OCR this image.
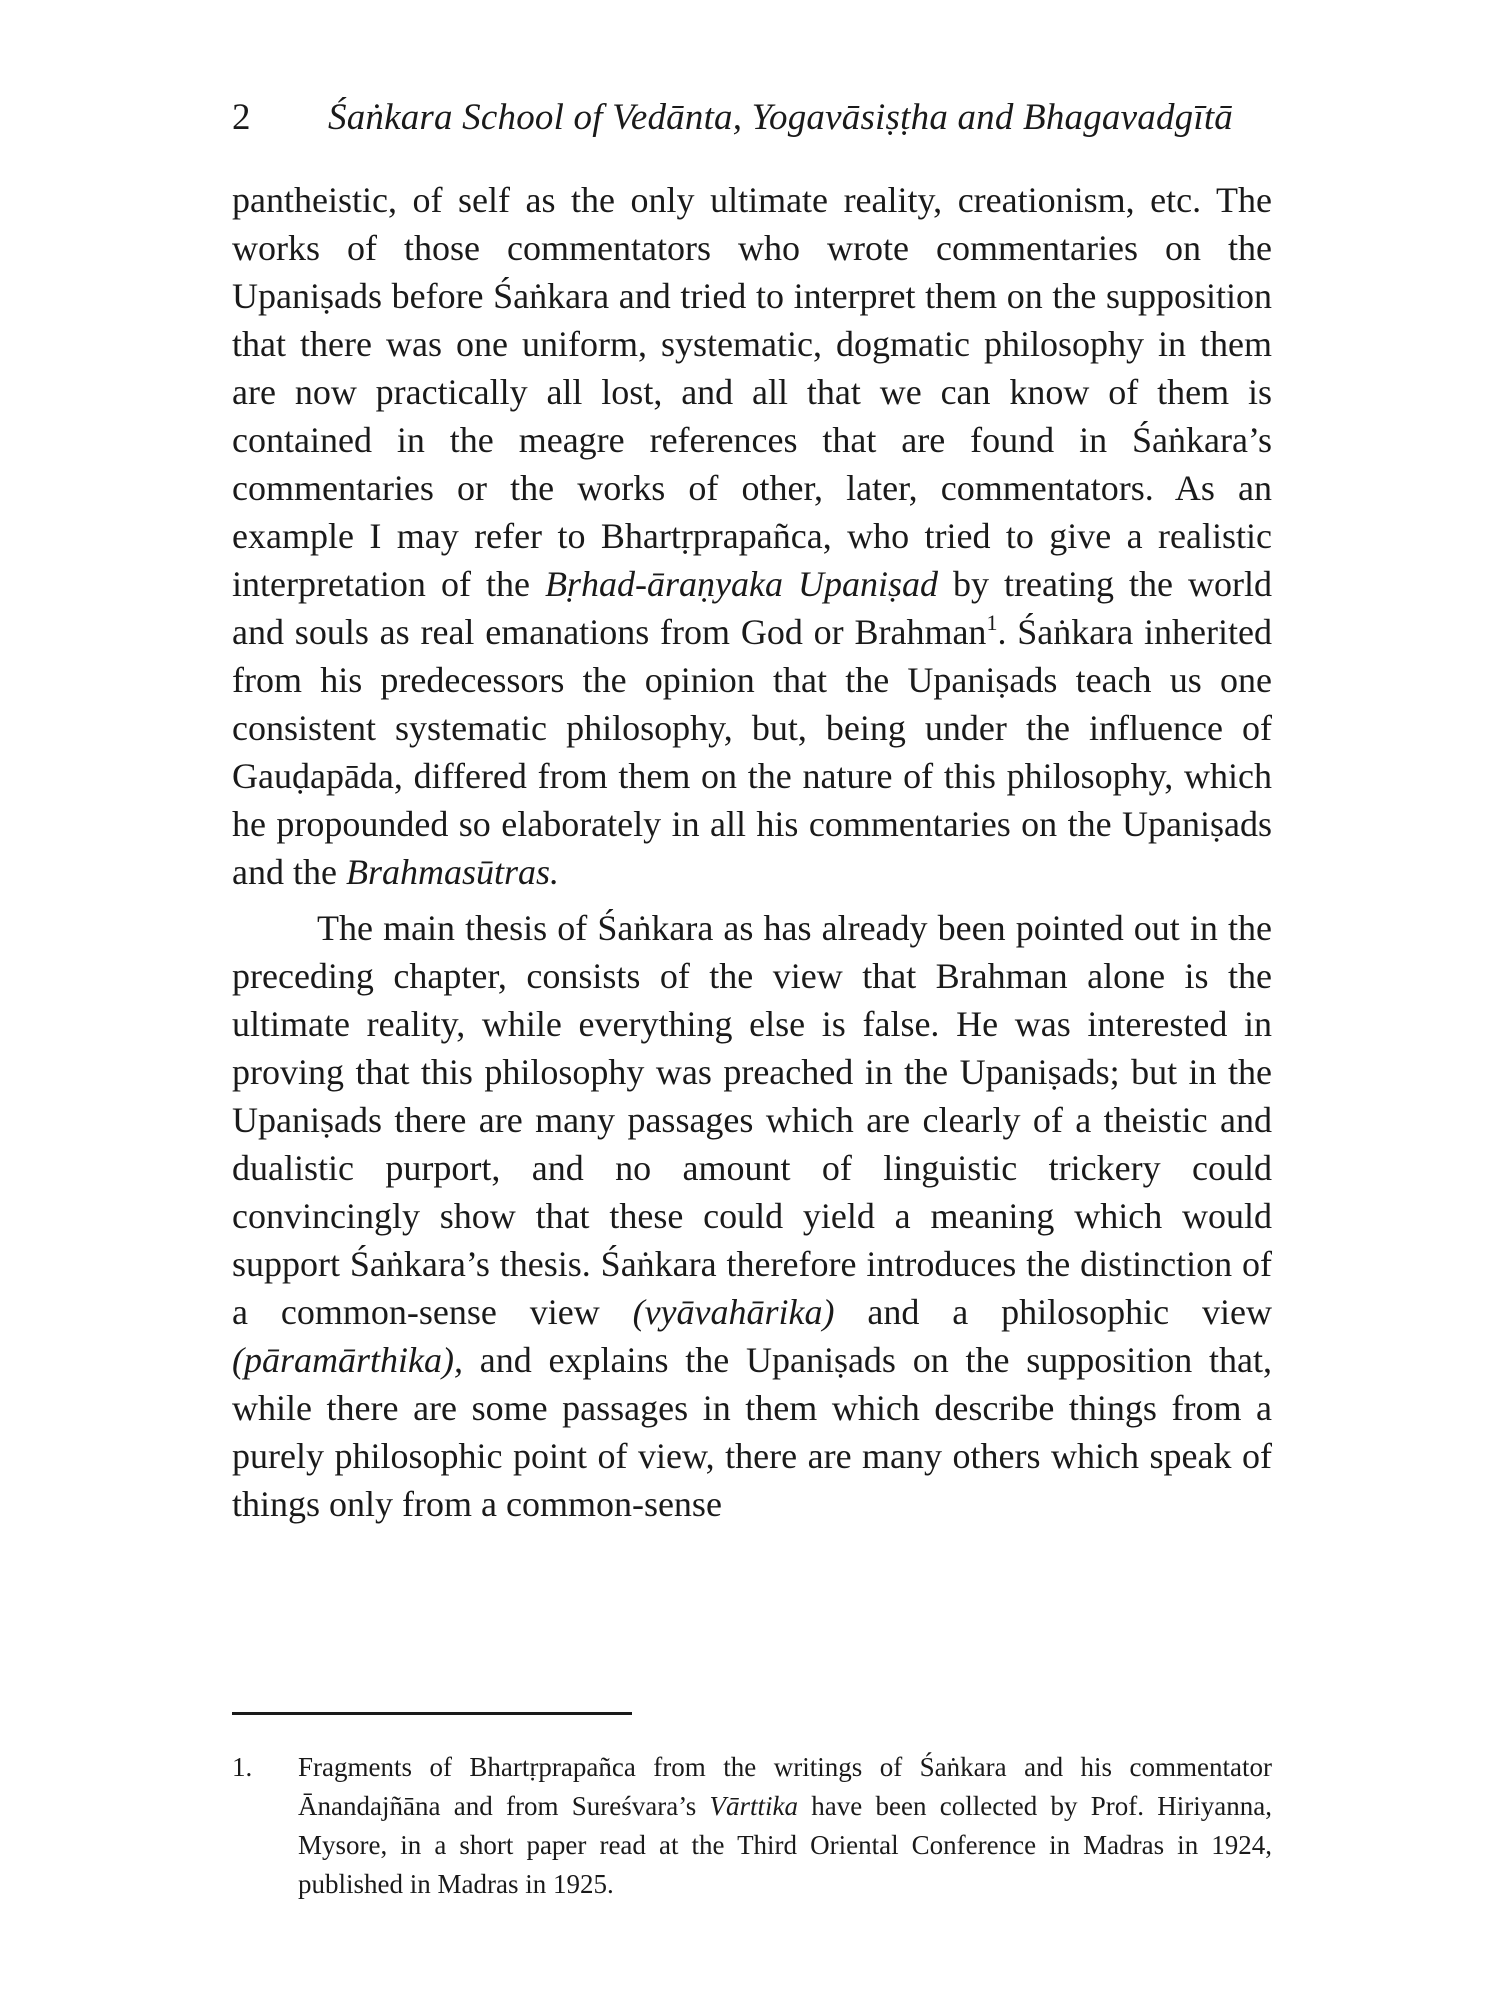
2	Śaṅkara School of Vedānta, Yogavāsiṣṭha and Bhagavadgītā

pantheistic, of self as the only ultimate reality, creationism, etc. The works of those commentators who wrote commentaries on the Upaniṣads before Śaṅkara and tried to interpret them on the supposition that there was one uniform, systematic, dogmatic philosophy in them are now practically all lost, and all that we can know of them is contained in the meagre references that are found in Śaṅkara’s commentaries or the works of other, later, commentators. As an example I may refer to Bhartṛprapañca, who tried to give a realistic interpretation of the Bṛhad-āraṇyaka Upaniṣad by treating the world and souls as real emanations from God or Brahman$^1$. Śaṅkara inherited from his predecessors the opinion that the Upaniṣads teach us one consistent systematic philosophy, but, being under the influence of Gauḍapāda, differed from them on the nature of this philosophy, which he propounded so elaborately in all his commentaries on the Upaniṣads and the Brahmasūtras.

The main thesis of Śaṅkara as has already been pointed out in the preceding chapter, consists of the view that Brahman alone is the ultimate reality, while everything else is false. He was interested in proving that this philosophy was preached in the Upaniṣads; but in the Upaniṣads there are many passages which are clearly of a theistic and dualistic purport, and no amount of linguistic trickery could convincingly show that these could yield a meaning which would support Śaṅkara’s thesis. Śaṅkara therefore introduces the distinction of a common-sense view (vyāvahārika) and a philosophic view (pāramārthika), and explains the Upaniṣads on the supposition that, while there are some passages in them which describe things from a purely philosophic point of view, there are many others which speak of things only from a common-sense

1.	Fragments of Bhartṛprapañca from the writings of Śaṅkara and his commentator Ānandajñāna and from Sureśvara’s Vārttika have been collected by Prof. Hiriyanna, Mysore, in a short paper read at the Third Oriental Conference in Madras in 1924, published in Madras in 1925.
